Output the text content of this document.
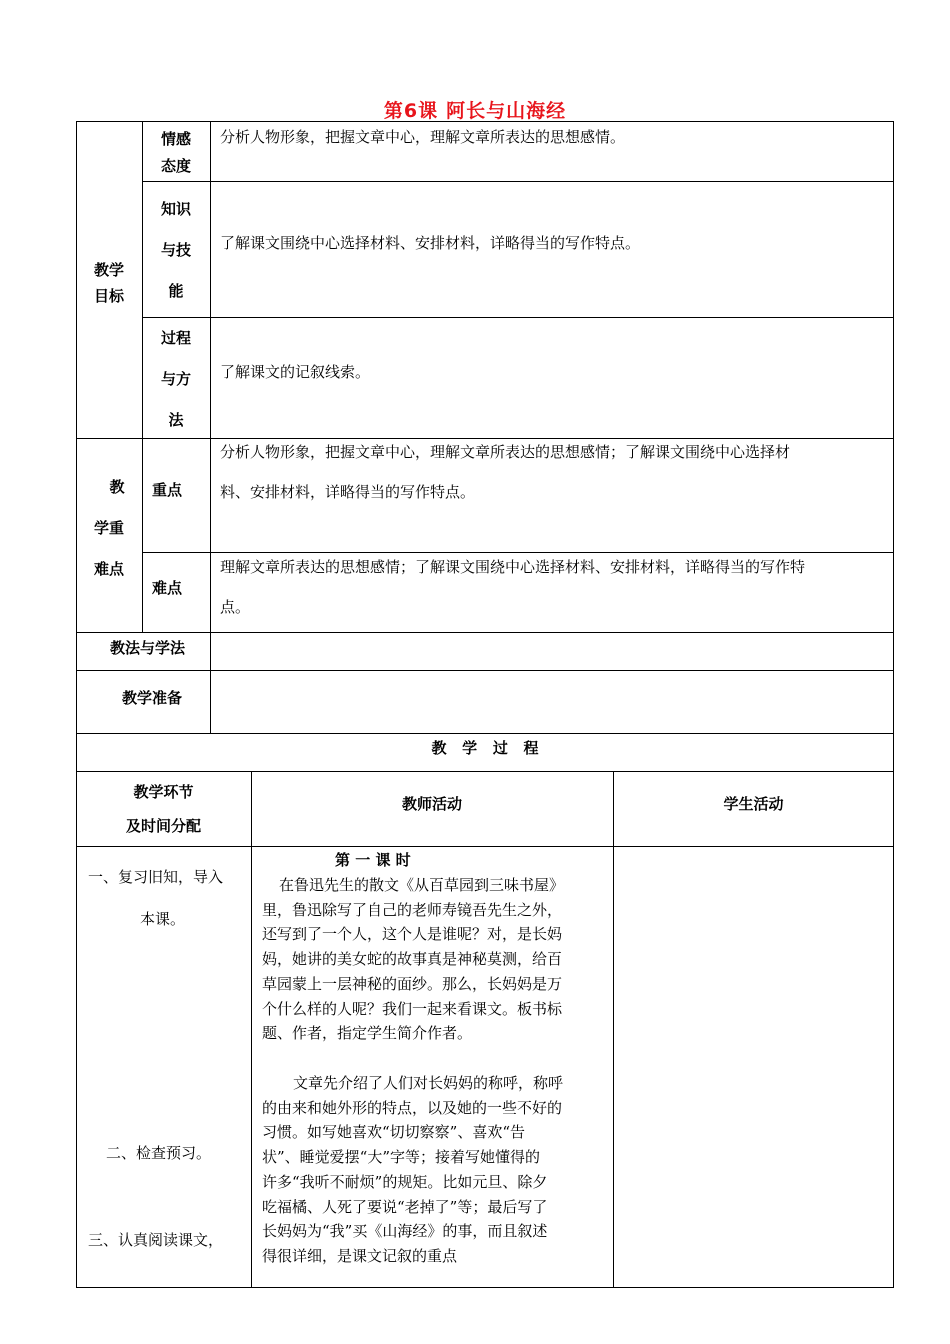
第6课 阿长与山海经
教学
目标
情感
态度
分析人物形象，把握文章中心，理解文章所表达的思想感情。
知识
与技
能
了解课文围绕中心选择材料、安排材料，详略得当的写作特点。
过程
与方
法
了解课文的记叙线索。
教
学重
难点
重点
分析人物形象，把握文章中心，理解文章所表达的思想感情；了解课文围绕中心选择材
料、安排材料，详略得当的写作特点。
难点
理解文章所表达的思想感情；了解课文围绕中心选择材料、安排材料，详略得当的写作特
点。
教法与学法
教学准备
教   学   过   程
教学环节
及时间分配
教师活动	学生活动
一、复习旧知，导入
本课。
二、检查预习。
三、认真阅读课文，
第 一 课 时
在鲁迅先生的散文《从百草园到三味书屋》
里，鲁迅除写了自己的老师寿镜吾先生之外，
还写到了一个人，这个人是谁呢？对，是长妈
妈，她讲的美女蛇的故事真是神秘莫测，给百
草园蒙上一层神秘的面纱。那么，长妈妈是万
个什么样的人呢？我们一起来看课文。板书标
题、作者，指定学生简介作者。
文章先介绍了人们对长妈妈的称呼，称呼
的由来和她外形的特点，以及她的一些不好的
习惯。如写她喜欢“切切察察”、喜欢“告
状”、睡觉爱摆“大”字等；接着写她懂得的
许多“我听不耐烦”的规矩。比如元旦、除夕
吃福橘、人死了要说“老掉了”等；最后写了
长妈妈为“我”买《山海经》的事，而且叙述
得很详细，是课文记叙的重点
